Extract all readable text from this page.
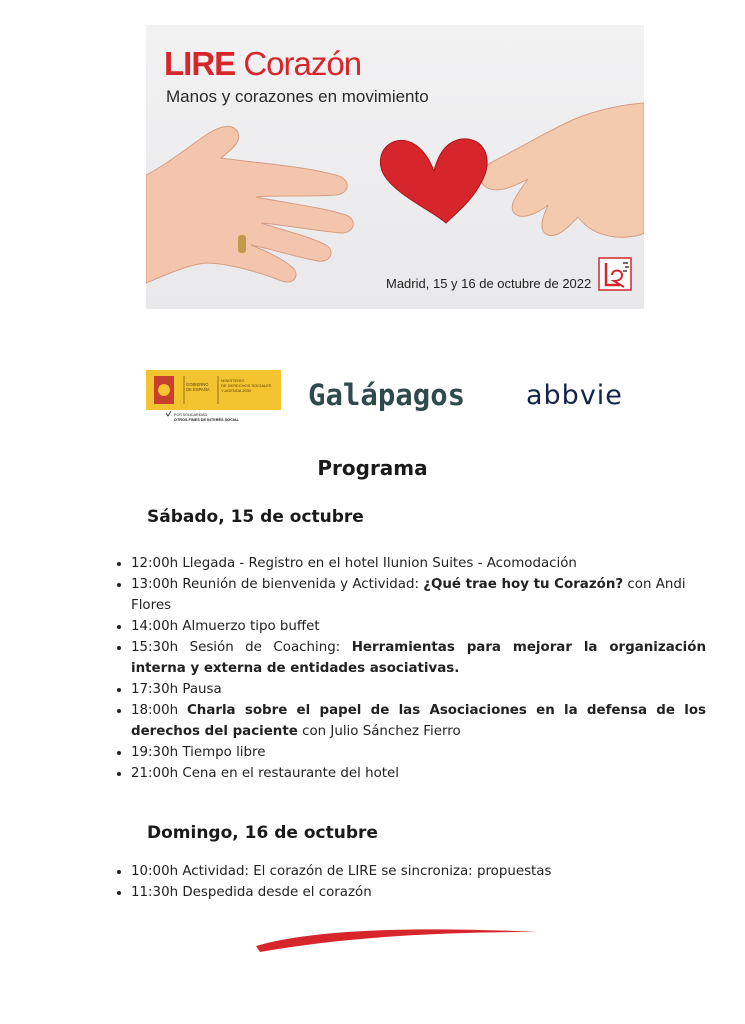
LIRE Corazón
Manos y corazones en movimiento
Madrid, 15 y 16 de octubre de 2022
GOBIERNO
DE ESPAÑA
MINISTERIO
DE DERECHOS SOCIALES
Y AGENDA 2030
POR SOLIDARIDAD
OTROS FINES DE INTERÉS SOCIAL
Galápagos abbvie
Programa
Sábado, 15 de octubre
• 12:00h Llegada - Registro en el hotel Ilunion Suites - Acomodación
• 13:00h Reunión de bienvenida y Actividad: ¿Qué trae hoy tu Corazón? con Andi Flores
• 14:00h Almuerzo tipo buffet
• 15:30h Sesión de Coaching: Herramientas para mejorar la organización interna y externa de entidades asociativas.
• 17:30h Pausa
• 18:00h Charla sobre el papel de las Asociaciones en la defensa de los derechos del paciente con Julio Sánchez Fierro
• 19:30h Tiempo libre
• 21:00h Cena en el restaurante del hotel
Domingo, 16 de octubre
• 10:00h Actividad: El corazón de LIRE se sincroniza: propuestas
• 11:30h Despedida desde el corazón
